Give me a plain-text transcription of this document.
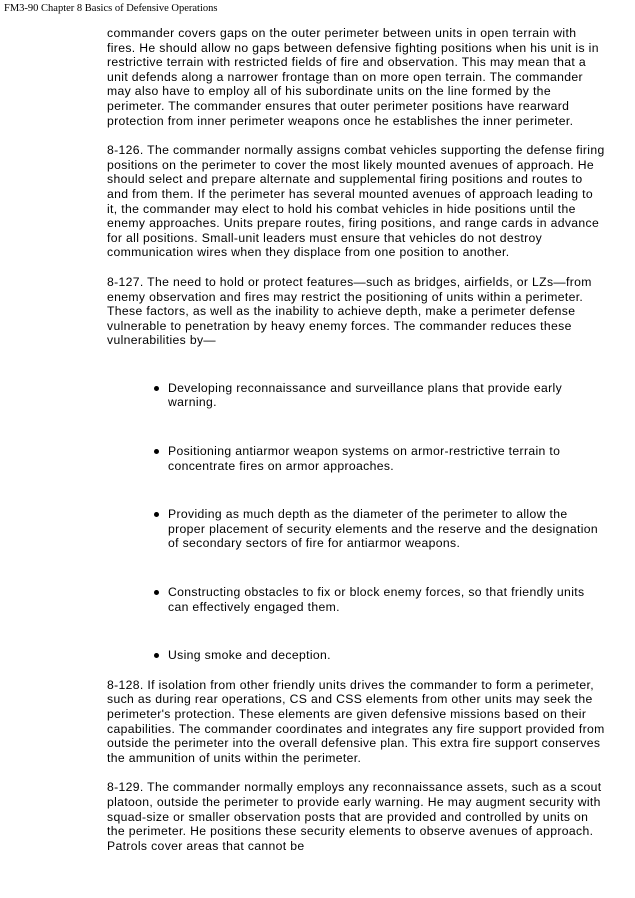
FM3-90 Chapter 8 Basics of Defensive Operations

commander covers gaps on the outer perimeter between units in open terrain with fires. He should allow no gaps between defensive fighting positions when his unit is in restrictive terrain with restricted fields of fire and observation. This may mean that a unit defends along a narrower frontage than on more open terrain. The commander may also have to employ all of his subordinate units on the line formed by the perimeter. The commander ensures that outer perimeter positions have rearward protection from inner perimeter weapons once he establishes the inner perimeter.

8-126. The commander normally assigns combat vehicles supporting the defense firing positions on the perimeter to cover the most likely mounted avenues of approach. He should select and prepare alternate and supplemental firing positions and routes to and from them. If the perimeter has several mounted avenues of approach leading to it, the commander may elect to hold his combat vehicles in hide positions until the enemy approaches. Units prepare routes, firing positions, and range cards in advance for all positions. Small-unit leaders must ensure that vehicles do not destroy communication wires when they displace from one position to another.

8-127. The need to hold or protect features—such as bridges, airfields, or LZs—from enemy observation and fires may restrict the positioning of units within a perimeter. These factors, as well as the inability to achieve depth, make a perimeter defense vulnerable to penetration by heavy enemy forces. The commander reduces these vulnerabilities by—

Developing reconnaissance and surveillance plans that provide early warning.
Positioning antiarmor weapon systems on armor-restrictive terrain to concentrate fires on armor approaches.
Providing as much depth as the diameter of the perimeter to allow the proper placement of security elements and the reserve and the designation of secondary sectors of fire for antiarmor weapons.
Constructing obstacles to fix or block enemy forces, so that friendly units can effectively engaged them.
Using smoke and deception.

8-128. If isolation from other friendly units drives the commander to form a perimeter, such as during rear operations, CS and CSS elements from other units may seek the perimeter's protection. These elements are given defensive missions based on their capabilities. The commander coordinates and integrates any fire support provided from outside the perimeter into the overall defensive plan. This extra fire support conserves the ammunition of units within the perimeter.

8-129. The commander normally employs any reconnaissance assets, such as a scout platoon, outside the perimeter to provide early warning. He may augment security with squad-size or smaller observation posts that are provided and controlled by units on the perimeter. He positions these security elements to observe avenues of approach. Patrols cover areas that cannot be
